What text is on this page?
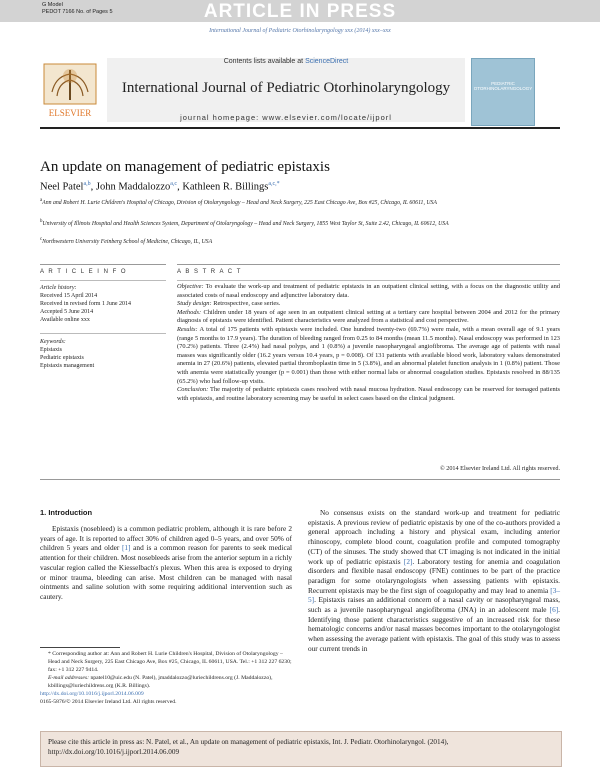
ARTICLE IN PRESS
G Model
PEDOT 7166 No. of Pages 5
International Journal of Pediatric Otorhinolaryngology xxx (2014) xxx–xxx
ELSEVIER
Contents lists available at ScienceDirect
International Journal of Pediatric Otorhinolaryngology
journal homepage: www.elsevier.com/locate/ijporl
PEDIATRIC OTORHINOLARYNGOLOGY
An update on management of pediatric epistaxis
Neel Patel$^{a,b}$, John Maddalozzo$^{a,c}$, Kathleen R. Billings$^{a,c,*}$
$^a$Ann and Robert H. Lurie Children's Hospital of Chicago, Division of Otolaryngology – Head and Neck Surgery, 225 East Chicago Ave, Box #25, Chicago, IL 60611, USA
$^b$University of Illinois Hospital and Health Sciences System, Department of Otolaryngology – Head and Neck Surgery, 1855 West Taylor St, Suite 2.42, Chicago, IL 60612, USA
$^c$Northwestern University Feinberg School of Medicine, Chicago, IL, USA
A R T I C L E I N F O
Article history:
Received 15 April 2014
Received in revised form 1 June 2014
Accepted 5 June 2014
Available online xxx
Keywords:
Epistaxis
Pediatric epistaxis
Epistaxis management
A B S T R A C T

Objective: To evaluate the work-up and treatment of pediatric epistaxis in an outpatient clinical setting, with a focus on the diagnostic utility and associated costs of nasal endoscopy and adjunctive laboratory data.

Study design: Retrospective, case series.

Methods: Children under 18 years of age seen in an outpatient clinical setting at a tertiary care hospital between 2004 and 2012 for the primary diagnosis of epistaxis were identified. Patient characteristics were analyzed from a statistical and cost perspective.

Results: A total of 175 patients with epistaxis were included. One hundred twenty-two (69.7%) were male, with a mean overall age of 9.1 years (range 5 months to 17.9 years). The duration of bleeding ranged from 0.25 to 84 months (mean 11.5 months). Nasal endoscopy was performed in 123 (70.2%) patients. Three (2.4%) had nasal polyps, and 1 (0.8%) a juvenile nasopharyngeal angiofibroma. The average age of patients with nasal masses was significantly older (16.2 years versus 10.4 years, p = 0.008). Of 131 patients with available blood work, laboratory values demonstrated anemia in 27 (20.6%) patients, elevated partial thromboplastin time in 5 (3.8%), and an abnormal platelet function analysis in 1 (0.8%) patient. Those with anemia were statistically younger (p = 0.001) than those with either normal labs or abnormal coagulation studies. Epistaxis resolved in 88/135 (65.2%) who had follow-up visits.

Conclusion: The majority of pediatric epistaxis cases resolved with nasal mucosa hydration. Nasal endoscopy can be reserved for teenaged patients with epistaxis, and routine laboratory screening may be useful in select cases based on the clinical judgment.

© 2014 Elsevier Ireland Ltd. All rights reserved.
1. Introduction

Epistaxis (nosebleed) is a common pediatric problem, although it is rare before 2 years of age. It is reported to affect 30% of children aged 0–5 years, and over 50% of children 5 years and older [1] and is a common reason for parents to seek medical attention for their children. Most nosebleeds arise from the anterior septum in a richly vascular region called the Kiesselbach's plexus. When this area is exposed to drying or minor trauma, bleeding can arise. Most children can be managed with nasal ointments and saline solution with some requiring additional intervention such as cautery.

No consensus exists on the standard work-up and treatment for pediatric epistaxis. A previous review of pediatric epistaxis by one of the co-authors provided a general approach including a history and physical exam, including anterior rhinoscopy, complete blood count, coagulation profile and computed tomography (CT) of the sinuses. The study showed that CT imaging is not indicated in the initial work up of pediatric epistaxis [2]. Laboratory testing for anemia and coagulation disorders and flexible nasal endoscopy (FNE) continues to be part of the practice paradigm for some otolaryngologists when assessing patients with epistaxis. Recurrent epistaxis may be the first sign of coagulopathy and may lead to anemia [3–5]. Epistaxis raises an additional concern of a nasal cavity or nasopharyngeal mass, such as a juvenile nasopharyngeal angiofibroma (JNA) in an adolescent male [6]. Identifying those patient characteristics suggestive of an increased risk for these hematologic concerns and/or nasal masses becomes important to the otolaryngologist when assessing the average patient with epistaxis. The goal of this study was to assess our current trends in

* Corresponding author at: Ann and Robert H. Lurie Children's Hospital, Division of Otolaryngology – Head and Neck Surgery, 225 East Chicago Ave, Box #25, Chicago, IL 60611, USA. Tel.: +1 312 227 6230; fax: +1 312 227 9414.
E-mail addresses: npatel10@uic.edu (N. Patel), jmaddalozzo@luriechildrens.org (J. Maddalozzo), kbillings@luriechildrens.org (K.R. Billings).
http://dx.doi.org/10.1016/j.ijporl.2014.06.009
0165-5876/© 2014 Elsevier Ireland Ltd. All rights reserved.
Please cite this article in press as: N. Patel, et al., An update on management of pediatric epistaxis, Int. J. Pediatr. Otorhinolaryngol. (2014), http://dx.doi.org/10.1016/j.ijporl.2014.06.009
